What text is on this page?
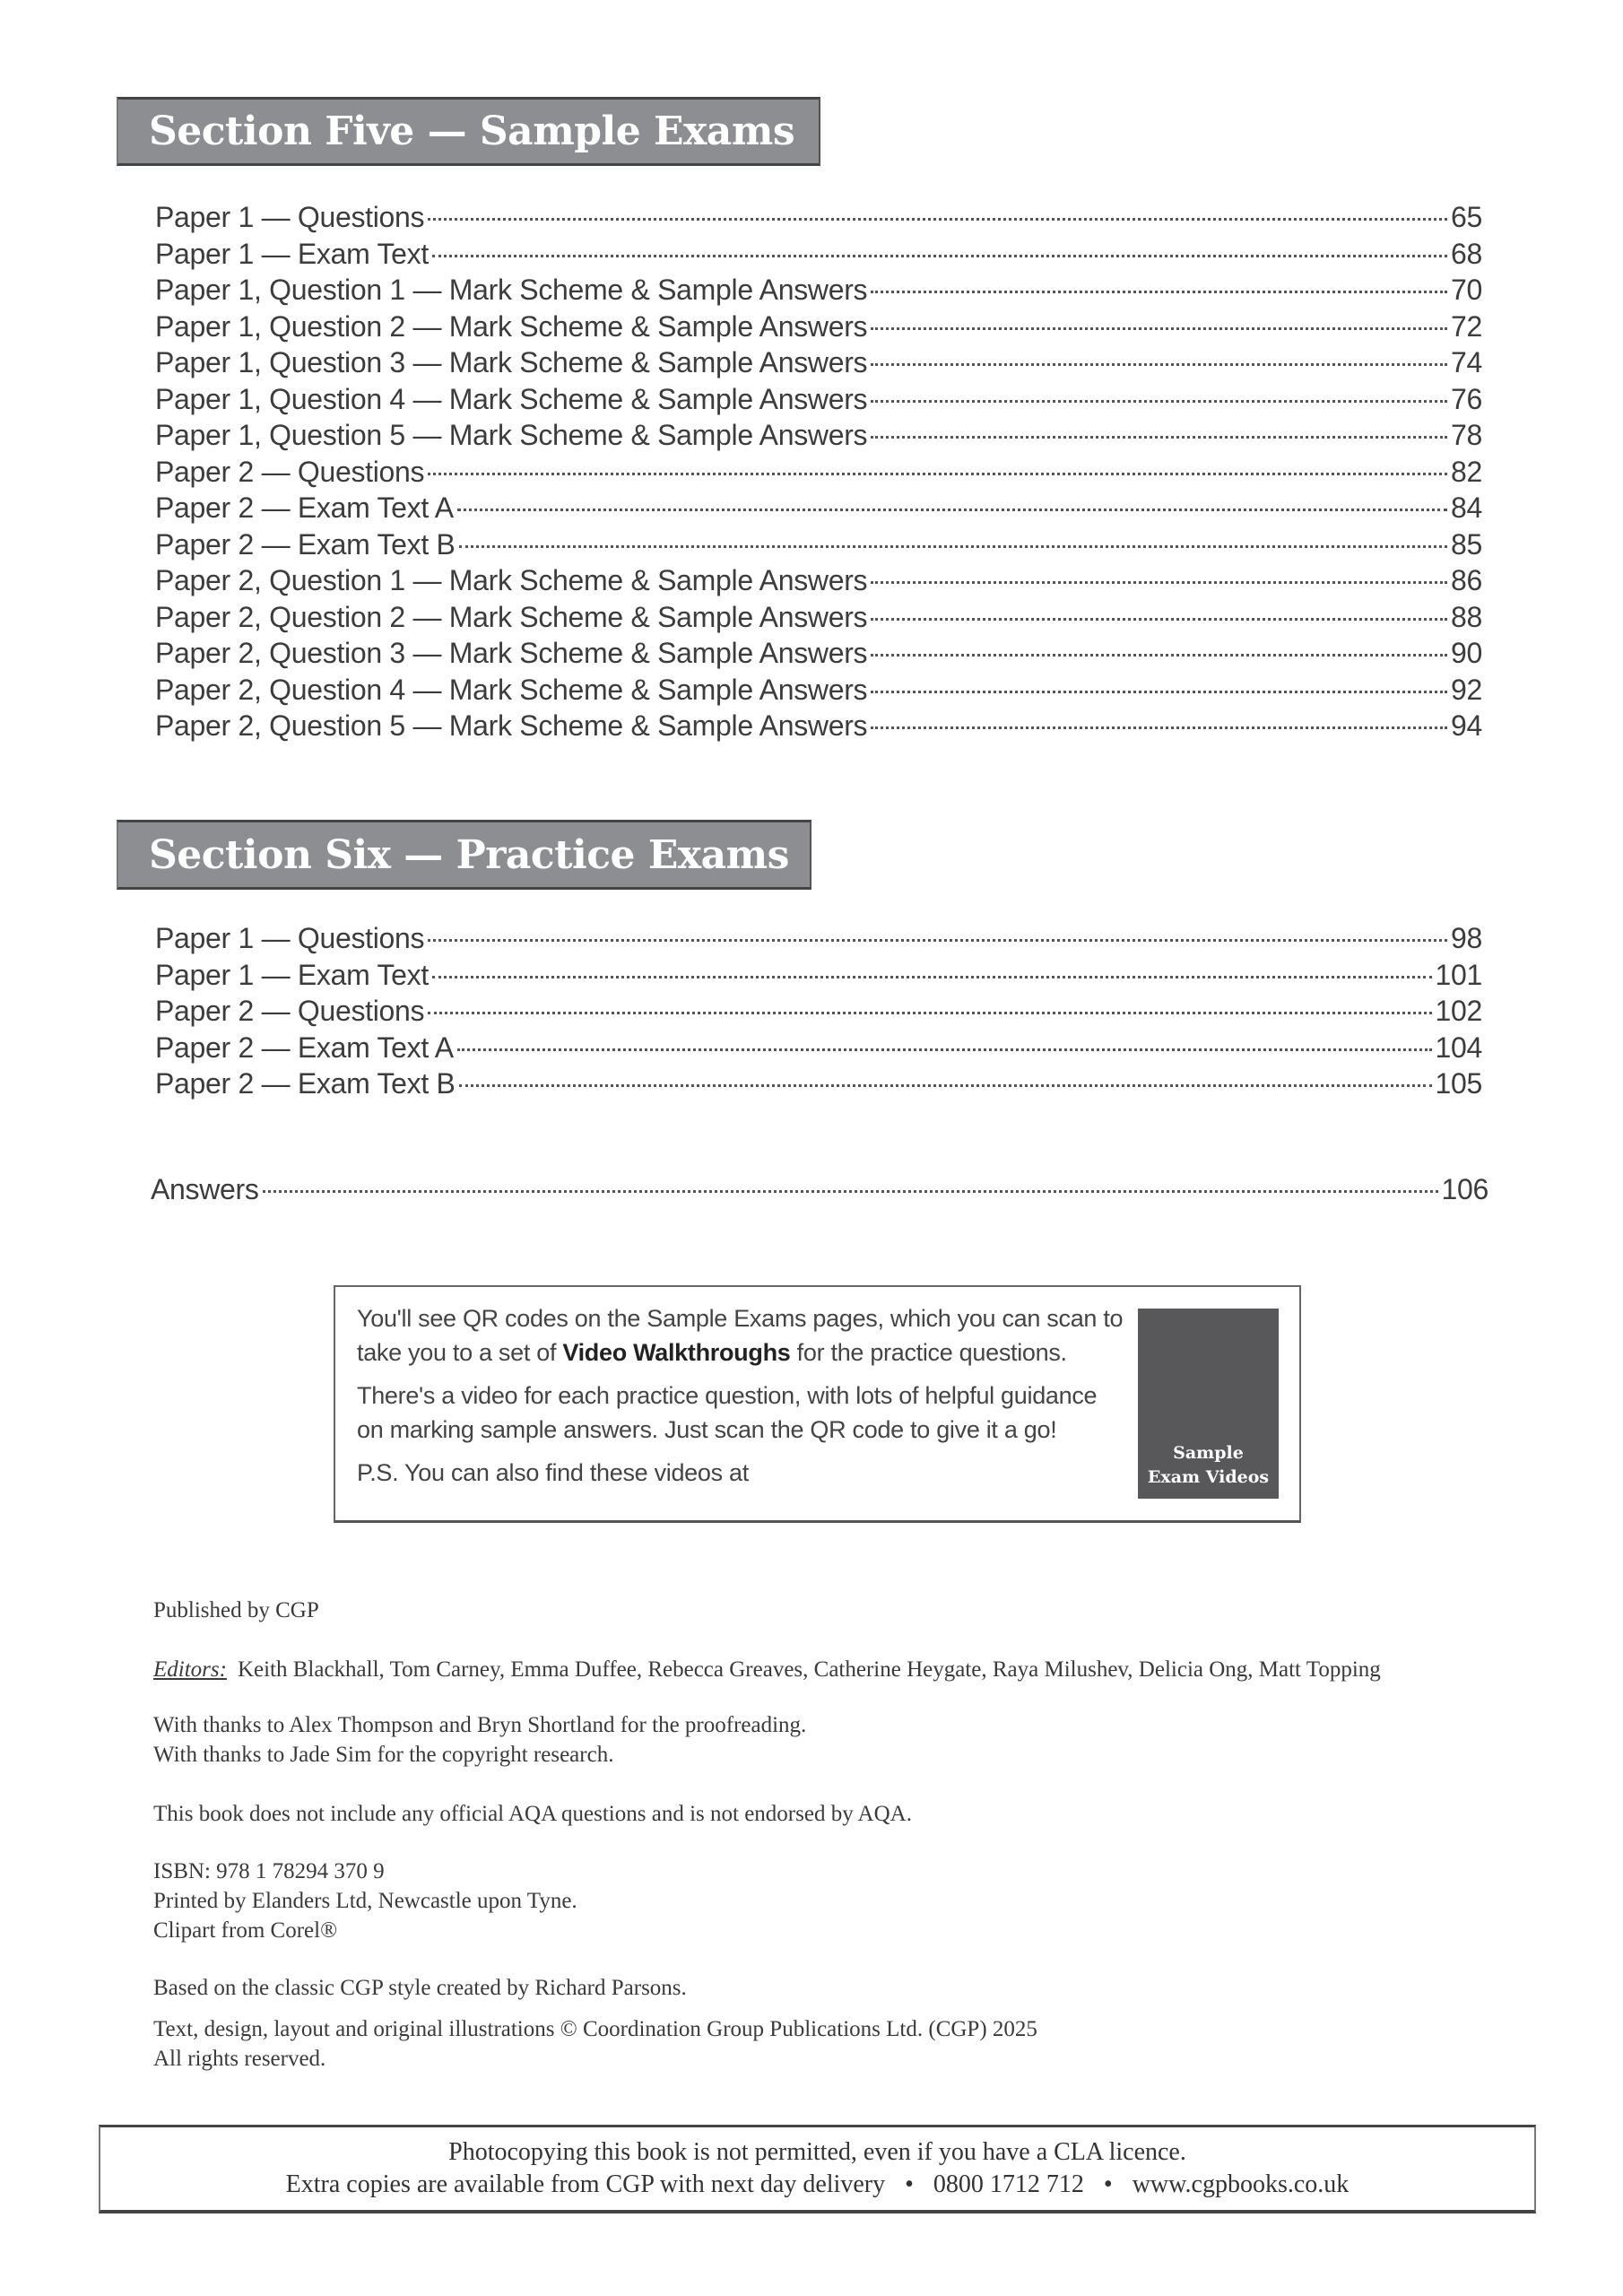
Section Five — Sample Exams
Paper 1 — Questions	65
Paper 1 — Exam Text	68
Paper 1, Question 1 — Mark Scheme & Sample Answers	70
Paper 1, Question 2 — Mark Scheme & Sample Answers	72
Paper 1, Question 3 — Mark Scheme & Sample Answers	74
Paper 1, Question 4 — Mark Scheme & Sample Answers	76
Paper 1, Question 5 — Mark Scheme & Sample Answers	78
Paper 2 — Questions	82
Paper 2 — Exam Text A	84
Paper 2 — Exam Text B	85
Paper 2, Question 1 — Mark Scheme & Sample Answers	86
Paper 2, Question 2 — Mark Scheme & Sample Answers	88
Paper 2, Question 3 — Mark Scheme & Sample Answers	90
Paper 2, Question 4 — Mark Scheme & Sample Answers	92
Paper 2, Question 5 — Mark Scheme & Sample Answers	94
Section Six — Practice Exams
Paper 1 — Questions	98
Paper 1 — Exam Text	101
Paper 2 — Questions	102
Paper 2 — Exam Text A	104
Paper 2 — Exam Text B	105
Answers	106

You'll see QR codes on the Sample Exams pages, which you can scan to take you to a set of Video Walkthroughs for the practice questions.

There's a video for each practice question, with lots of helpful guidance on marking sample answers. Just scan the QR code to give it a go!

P.S. You can also find these videos at

Sample
Exam Videos
Published by CGP
Editors: Keith Blackhall, Tom Carney, Emma Duffee, Rebecca Greaves, Catherine Heygate, Raya Milushev, Delicia Ong, Matt Topping
With thanks to Alex Thompson and Bryn Shortland for the proofreading.
With thanks to Jade Sim for the copyright research.
This book does not include any official AQA questions and is not endorsed by AQA.
ISBN: 978 1 78294 370 9
Printed by Elanders Ltd, Newcastle upon Tyne.
Clipart from Corel®
Based on the classic CGP style created by Richard Parsons.
Text, design, layout and original illustrations © Coordination Group Publications Ltd. (CGP) 2025
All rights reserved.
Photocopying this book is not permitted, even if you have a CLA licence.
Extra copies are available from CGP with next day delivery • 0800 1712 712 • www.cgpbooks.co.uk
